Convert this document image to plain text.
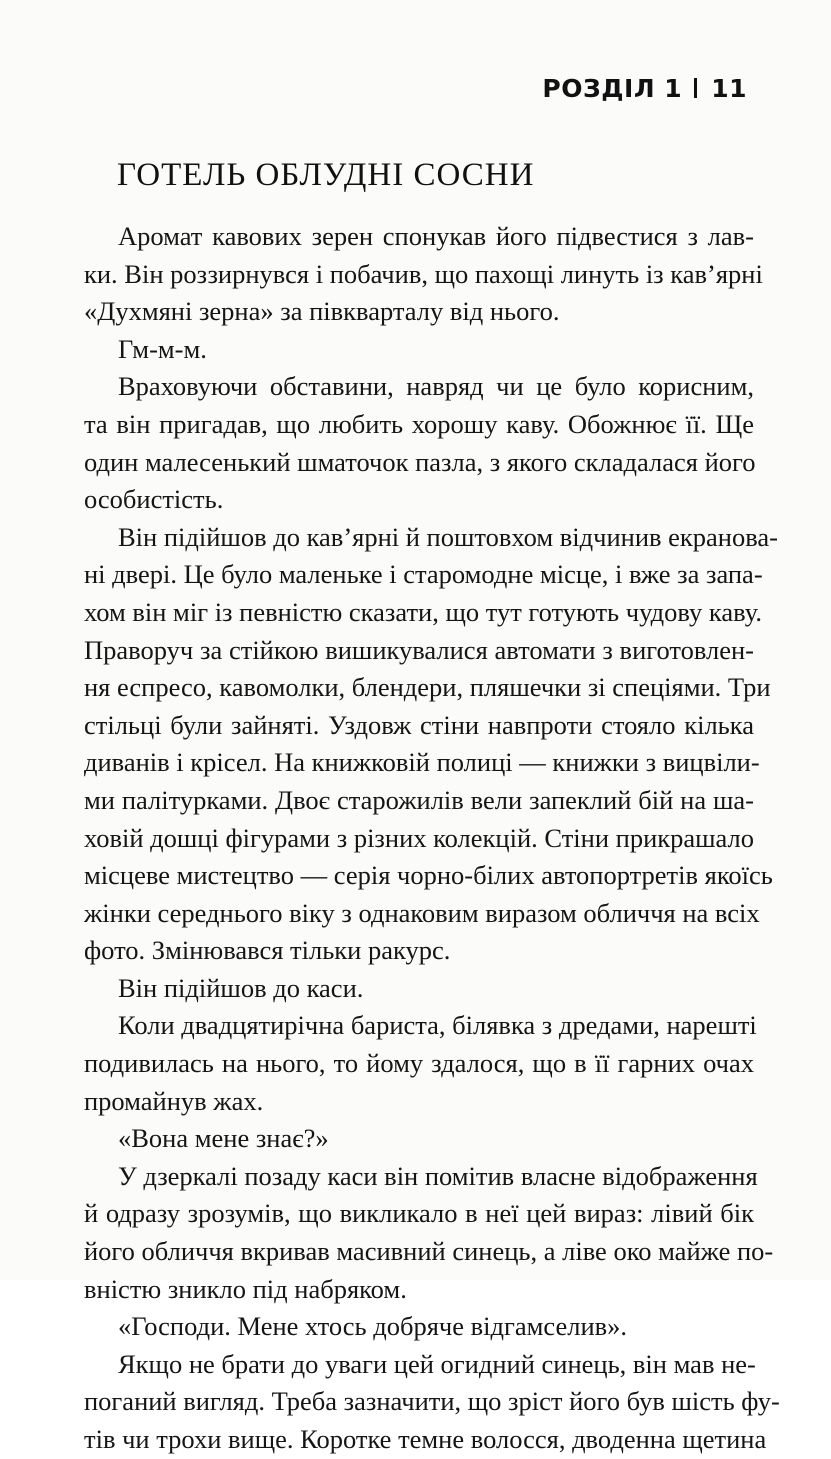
РОЗДІЛ 1 11
ГОТЕЛЬ ОБЛУДНІ СОСНИ
Аромат кавових зерен спонукав його підвестися з лав-
ки. Він роззирнувся і побачив, що пахощі линуть із кав’ярні
«Духмяні зерна» за півкварталу від нього.
Гм-м-м.
Враховуючи обставини, навряд чи це було корисним,
та він пригадав, що любить хорошу каву. Обожнює її. Ще
один малесенький шматочок пазла, з якого складалася його
особистість.
Він підійшов до кав’ярні й поштовхом відчинив екранова-
ні двері. Це було маленьке і старомодне місце, і вже за запа-
хом він міг із певністю сказати, що тут готують чудову каву.
Праворуч за стійкою вишикувалися автомати з виготовлен-
ня еспресо, кавомолки, блендери, пляшечки зі спеціями. Три
стільці були зайняті. Уздовж стіни навпроти стояло кілька
диванів і крісел. На книжковій полиці — книжки з вицвіли-
ми палітурками. Двоє старожилів вели запеклий бій на ша-
ховій дошці фігурами з різних колекцій. Стіни прикрашало
місцеве мистецтво — серія чорно-білих автопортретів якоїсь
жінки середнього віку з однаковим виразом обличчя на всіх
фото. Змінювався тільки ракурс.
Він підійшов до каси.
Коли двадцятирічна бариста, білявка з дредами, нарешті
подивилась на нього, то йому здалося, що в її гарних очах
промайнув жах.
«Вона мене знає?»
У дзеркалі позаду каси він помітив власне відображення
й одразу зрозумів, що викликало в неї цей вираз: лівий бік
його обличчя вкривав масивний синець, а ліве око майже по-
вністю зникло під набряком.
«Господи. Мене хтось добряче відгамселив».
Якщо не брати до уваги цей огидний синець, він мав не-
поганий вигляд. Треба зазначити, що зріст його був шість фу-
тів чи трохи вище. Коротке темне волосся, дводенна щетина
